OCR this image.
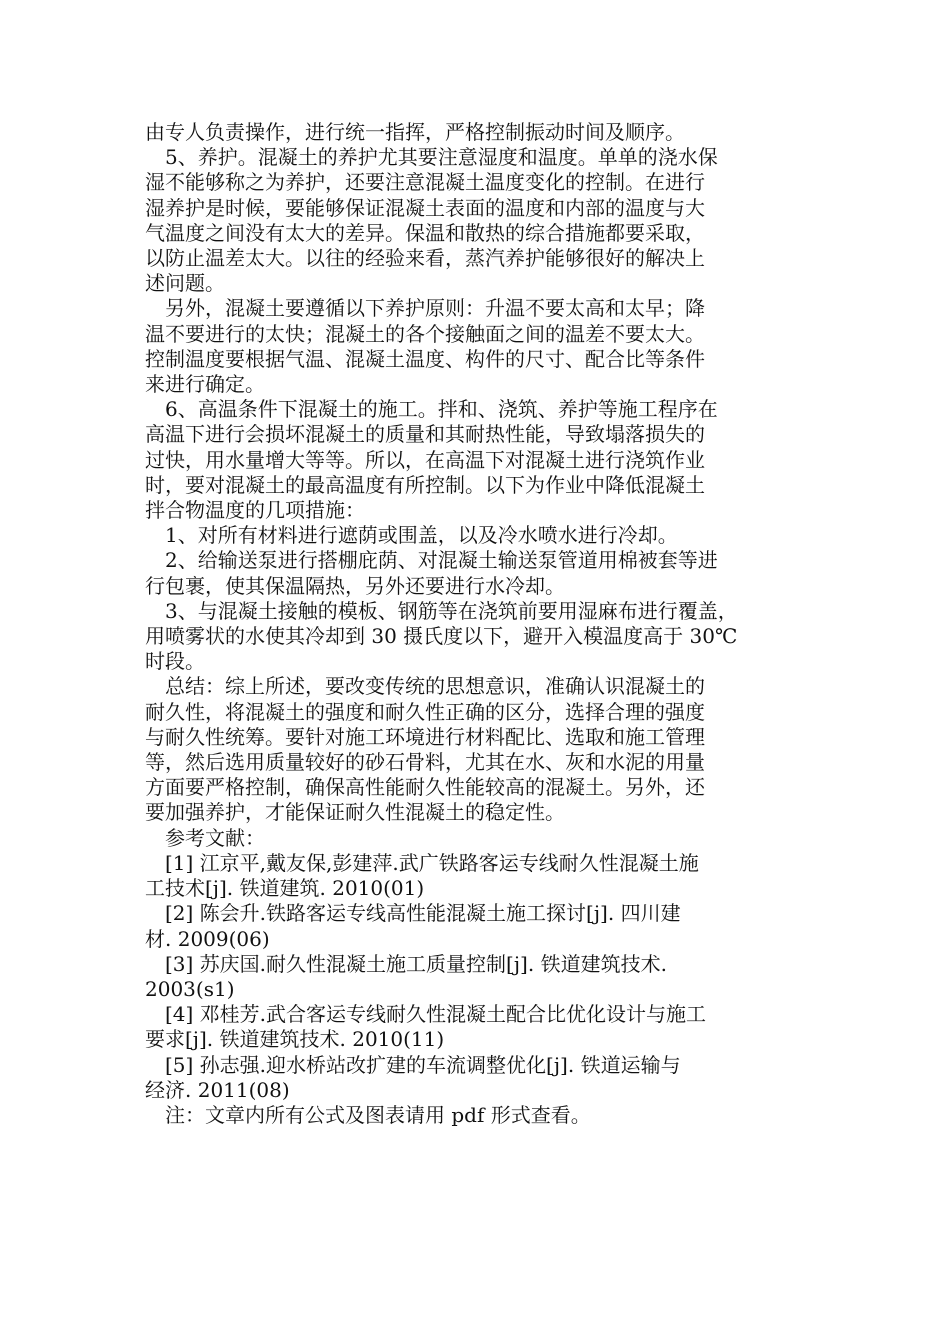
由专人负责操作，进行统一指挥，严格控制振动时间及顺序。

　5、养护。混凝土的养护尤其要注意湿度和温度。单单的浇水保

湿不能够称之为养护，还要注意混凝土温度变化的控制。在进行

湿养护是时候，要能够保证混凝土表面的温度和内部的温度与大

气温度之间没有太大的差异。保温和散热的综合措施都要采取，

以防止温差太大。以往的经验来看，蒸汽养护能够很好的解决上

述问题。

　另外，混凝土要遵循以下养护原则：升温不要太高和太早；降

温不要进行的太快；混凝土的各个接触面之间的温差不要太大。

控制温度要根据气温、混凝土温度、构件的尺寸、配合比等条件

来进行确定。

　6、高温条件下混凝土的施工。拌和、浇筑、养护等施工程序在

高温下进行会损坏混凝土的质量和其耐热性能，导致塌落损失的

过快，用水量增大等等。所以，在高温下对混凝土进行浇筑作业

时，要对混凝土的最高温度有所控制。以下为作业中降低混凝土

拌合物温度的几项措施：

　1、对所有材料进行遮荫或围盖，以及冷水喷水进行冷却。

　2、给输送泵进行搭棚庇荫、对混凝土输送泵管道用棉被套等进

行包裹，使其保温隔热，另外还要进行水冷却。

　3、与混凝土接触的模板、钢筋等在浇筑前要用湿麻布进行覆盖，

用喷雾状的水使其冷却到 30 摄氏度以下，避开入模温度高于 30℃

时段。

　总结：综上所述，要改变传统的思想意识，准确认识混凝土的

耐久性，将混凝土的强度和耐久性正确的区分，选择合理的强度

与耐久性统筹。要针对施工环境进行材料配比、选取和施工管理

等，然后选用质量较好的砂石骨料，尤其在水、灰和水泥的用量

方面要严格控制，确保高性能耐久性能较高的混凝土。另外，还

要加强养护，才能保证耐久性混凝土的稳定性。

　参考文献：

　[1] 江京平,戴友保,彭建萍.武广铁路客运专线耐久性混凝土施

工技术[j]. 铁道建筑. 2010(01)

　[2] 陈会升.铁路客运专线高性能混凝土施工探讨[j]. 四川建

材. 2009(06)

　[3] 苏庆国.耐久性混凝土施工质量控制[j]. 铁道建筑技术.

2003(s1)

　[4] 邓桂芳.武合客运专线耐久性混凝土配合比优化设计与施工

要求[j]. 铁道建筑技术. 2010(11)

　[5] 孙志强.迎水桥站改扩建的车流调整优化[j]. 铁道运输与

经济. 2011(08)

　注：文章内所有公式及图表请用 pdf 形式查看。
